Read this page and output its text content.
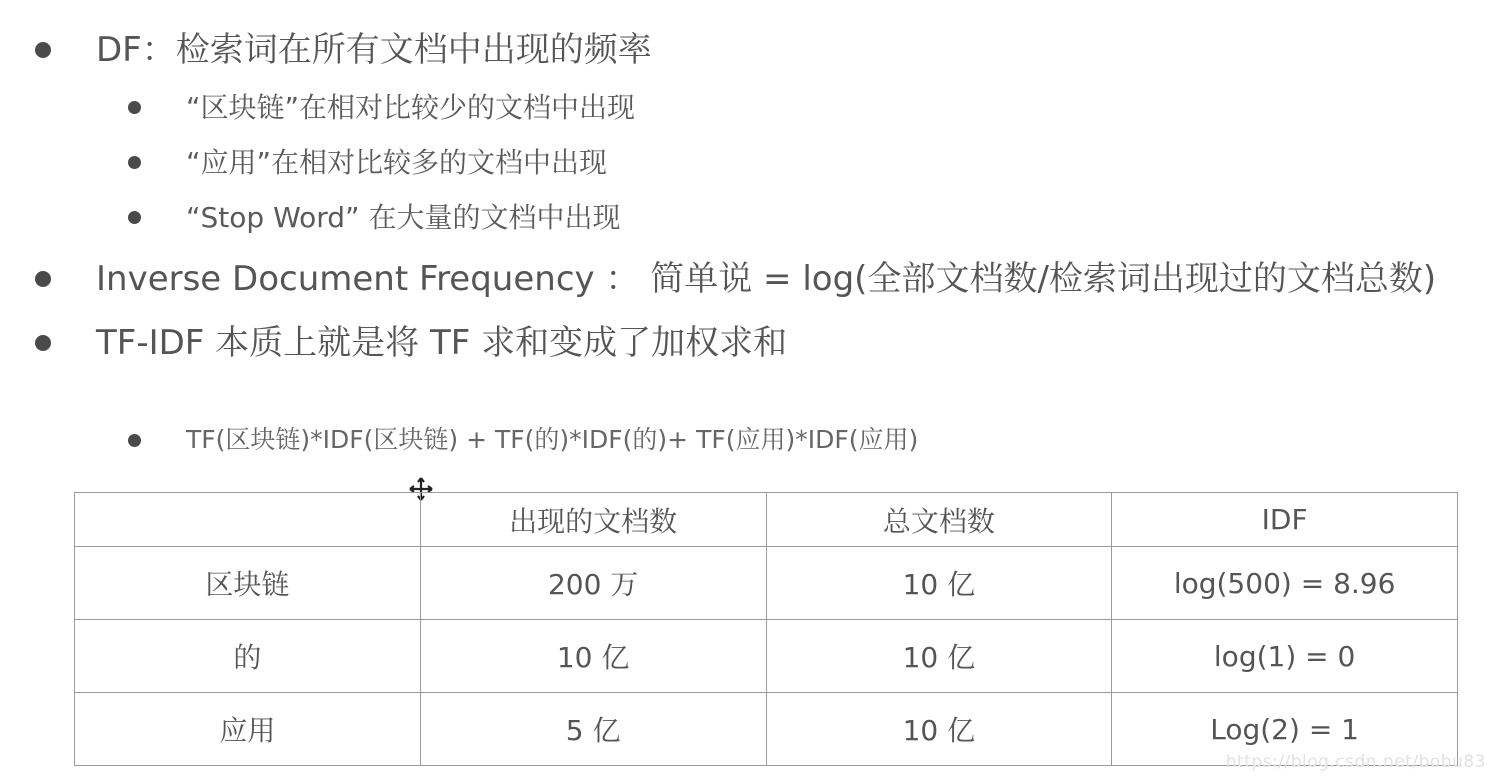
DF：检索词在所有文档中出现的频率
“区块链”在相对比较少的文档中出现
“应用”在相对比较多的文档中出现
“Stop Word” 在大量的文档中出现
Inverse Document Frequency ： 简单说 = log(全部文档数/检索词出现过的文档总数)
TF-IDF 本质上就是将 TF 求和变成了加权求和
TF(区块链)*IDF(区块链) + TF(的)*IDF(的)+ TF(应用)*IDF(应用)
	出现的文档数	总文档数	IDF
区块链	200 万	10 亿	log(500) = 8.96
的	10 亿	10 亿	log(1) = 0
应用	5 亿	10 亿	Log(2) = 1
https://blog.csdn.net/bobu83
